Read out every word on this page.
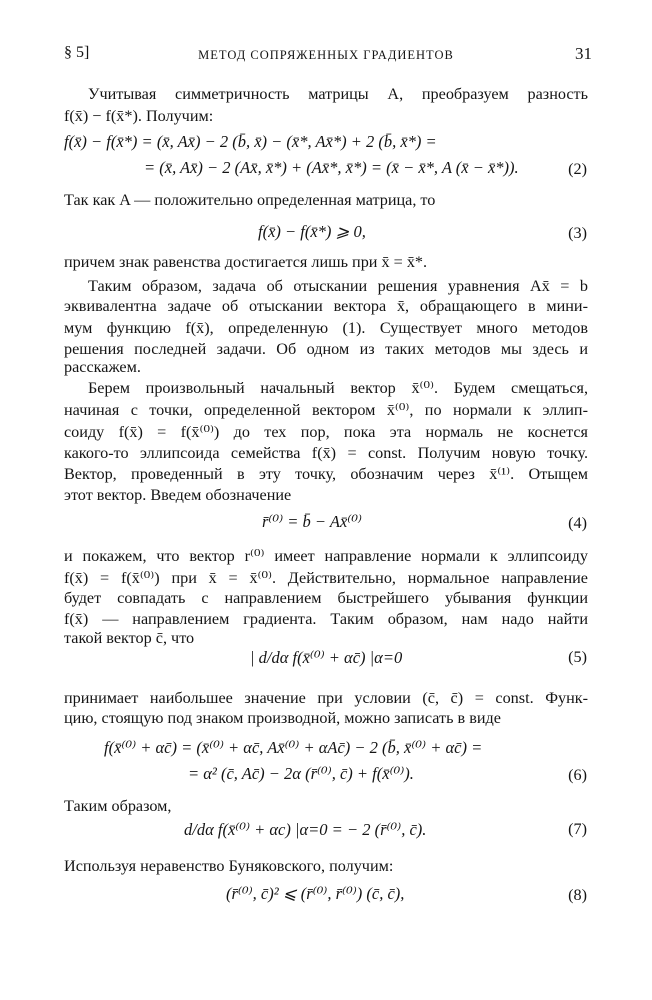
§ 5]	МЕТОД СОПРЯЖЕННЫХ ГРАДИЕНТОВ	31
Учитывая симметричность матрицы A, преобразуем разность
f(x̄) − f(x̄*). Получим:
f(x̄) − f(x̄*) = (x̄, Ax̄) − 2 (b̄, x̄) − (x̄*, Ax̄*) + 2 (b̄, x̄*) =
= (x̄, Ax̄) − 2 (Ax̄, x̄*) + (Ax̄*, x̄*) = (x̄ − x̄*, A (x̄ − x̄*)).	(2)
Так как A — положительно определенная матрица, то
f(x̄) − f(x̄*) ⩾ 0,	(3)
причем знак равенства достигается лишь при x̄ = x̄*.
Таким образом, задача об отыскании решения уравнения Ax̄ = b
эквивалентна задаче об отыскании вектора x̄, обращающего в мини-
мум функцию f(x̄), определенную (1). Существует много методов
решения последней задачи. Об одном из таких методов мы здесь и
расскажем.
Берем произвольный начальный вектор x̄⁽⁰⁾. Будем смещаться,
начиная с точки, определенной вектором x̄⁽⁰⁾, по нормали к эллип-
соиду f(x̄) = f(x̄⁽⁰⁾) до тех пор, пока эта нормаль не коснется
какого-то эллипсоида семейства f(x̄) = const. Получим новую точку.
Вектор, проведенный в эту точку, обозначим через x̄⁽¹⁾. Отыщем
этот вектор. Введем обозначение
r̄⁽⁰⁾ = b̄ − Ax̄⁽⁰⁾	(4)
и покажем, что вектор r⁽⁰⁾ имеет направление нормали к эллипсоиду
f(x̄) = f(x̄⁽⁰⁾) при x̄ = x̄⁽⁰⁾. Действительно, нормальное направление
будет совпадать с направлением быстрейшего убывания функции
f(x̄) — направлением градиента. Таким образом, нам надо найти
такой вектор c̄, что
| d/dα f(x̄⁽⁰⁾ + αc̄) |α=0	(5)
принимает наибольшее значение при условии (c̄, c̄) = const. Функ-
цию, стоящую под знаком производной, можно записать в виде
f(x̄⁽⁰⁾ + αc̄) = (x̄⁽⁰⁾ + αc̄, Ax̄⁽⁰⁾ + αAc̄) − 2 (b̄, x̄⁽⁰⁾ + αc̄) =
= α² (c̄, Ac̄) − 2α (r̄⁽⁰⁾, c̄) + f(x̄⁽⁰⁾).	(6)
Таким образом,
d/dα f(x̄⁽⁰⁾ + αc) |α=0 = − 2 (r̄⁽⁰⁾, c̄).	(7)
Используя неравенство Буняковского, получим:
(r̄⁽⁰⁾, c̄)² ⩽ (r̄⁽⁰⁾, r̄⁽⁰⁾) (c̄, c̄),	(8)
